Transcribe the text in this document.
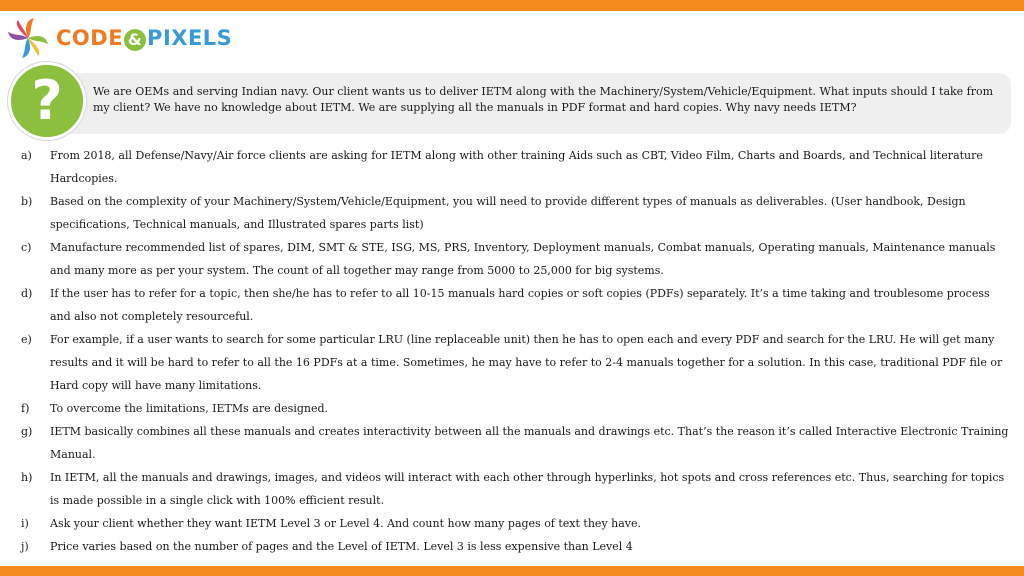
CODE & PIXELS
We are OEMs and serving Indian navy. Our client wants us to deliver IETM along with the Machinery/System/Vehicle/Equipment. What inputs should I take from my client? We have no knowledge about IETM. We are supplying all the manuals in PDF format and hard copies. Why navy needs IETM?
?
a) From 2018, all Defense/Navy/Air force clients are asking for IETM along with other training Aids such as CBT, Video Film, Charts and Boards, and Technical literature Hardcopies.
b) Based on the complexity of your Machinery/System/Vehicle/Equipment, you will need to provide different types of manuals as deliverables. (User handbook, Design specifications, Technical manuals, and Illustrated spares parts list)
c) Manufacture recommended list of spares, DIM, SMT & STE, ISG, MS, PRS, Inventory, Deployment manuals, Combat manuals, Operating manuals, Maintenance manuals and many more as per your system. The count of all together may range from 5000 to 25,000 for big systems.
d) If the user has to refer for a topic, then she/he has to refer to all 10-15 manuals hard copies or soft copies (PDFs) separately. It’s a time taking and troublesome process and also not completely resourceful.
e) For example, if a user wants to search for some particular LRU (line replaceable unit) then he has to open each and every PDF and search for the LRU. He will get many results and it will be hard to refer to all the 16 PDFs at a time. Sometimes, he may have to refer to 2-4 manuals together for a solution. In this case, traditional PDF file or Hard copy will have many limitations.
f) To overcome the limitations, IETMs are designed.
g) IETM basically combines all these manuals and creates interactivity between all the manuals and drawings etc. That’s the reason it’s called Interactive Electronic Training Manual.
h) In IETM, all the manuals and drawings, images, and videos will interact with each other through hyperlinks, hot spots and cross references etc. Thus, searching for topics is made possible in a single click with 100% efficient result.
i) Ask your client whether they want IETM Level 3 or Level 4. And count how many pages of text they have.
j) Price varies based on the number of pages and the Level of IETM. Level 3 is less expensive than Level 4
